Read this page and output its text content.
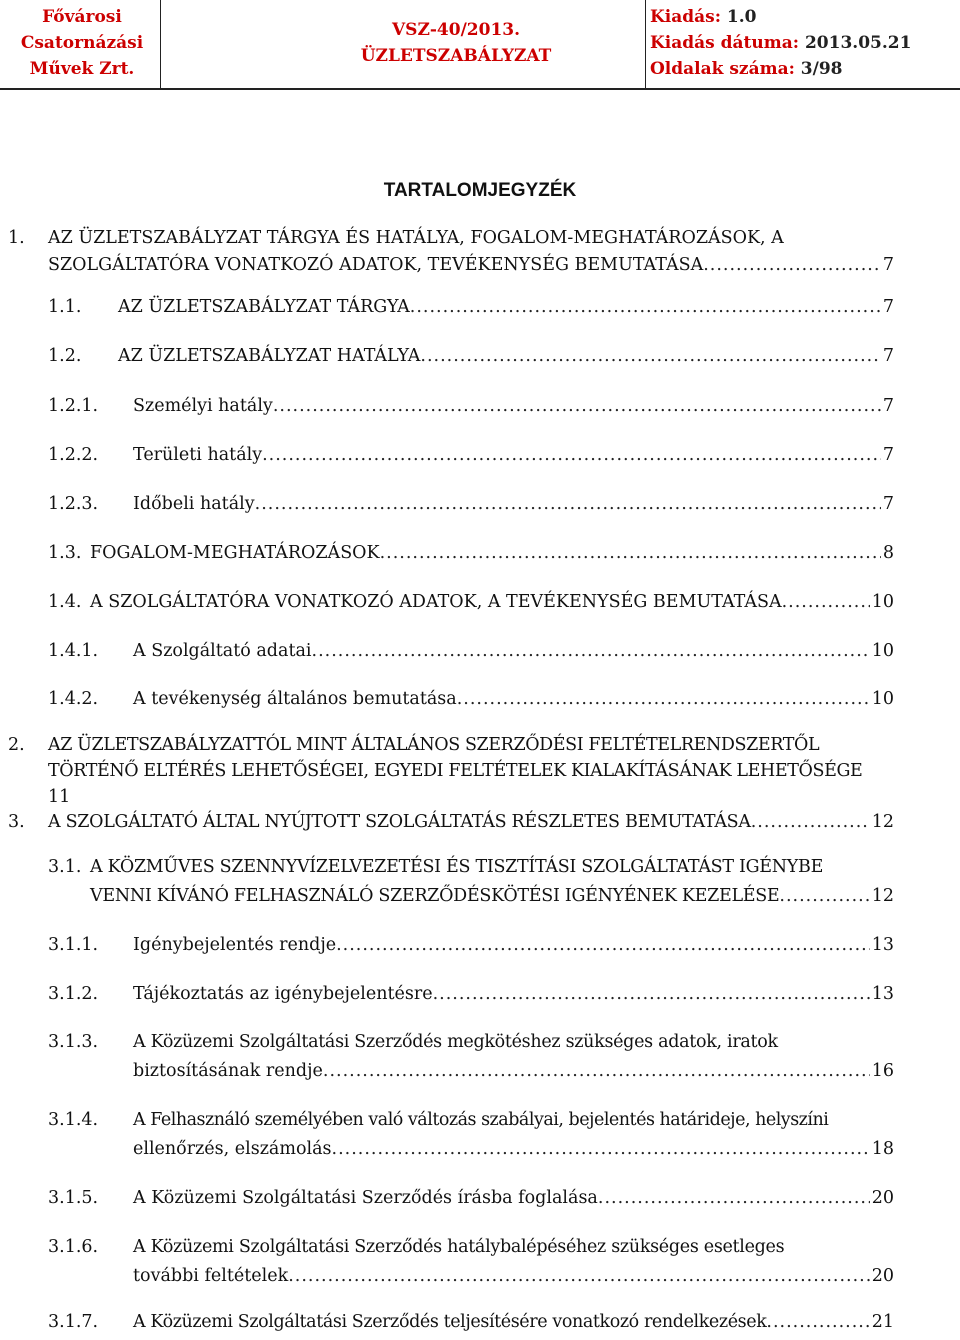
Fővárosi
Csatornázási
Művek Zrt.
VSZ-40/2013.
ÜZLETSZABÁLYZAT
Kiadás: 1.0
Kiadás dátuma: 2013.05.21
Oldalak száma: 3/98
TARTALOMJEGYZÉK
1. AZ ÜZLETSZABÁLYZAT TÁRGYA ÉS HATÁLYA, FOGALOM-MEGHATÁROZÁSOK, A
SZOLGÁLTATÓRA VONATKOZÓ ADATOK, TEVÉKENYSÉG BEMUTATÁSA .....	7
1.1. AZ ÜZLETSZABÁLYZAT TÁRGYA .....	7
1.2. AZ ÜZLETSZABÁLYZAT HATÁLYA .....	7
1.2.1. Személyi hatály .....	7
1.2.2. Területi hatály .....	7
1.2.3. Időbeli hatály .....	7
1.3. FOGALOM-MEGHATÁROZÁSOK .....	8
1.4. A SZOLGÁLTATÓRA VONATKOZÓ ADATOK, A TEVÉKENYSÉG BEMUTATÁSA .....	10
1.4.1. A Szolgáltató adatai .....	10
1.4.2. A tevékenység általános bemutatása .....	10
2. AZ ÜZLETSZABÁLYZATTÓL MINT ÁLTALÁNOS SZERZŐDÉSI FELTÉTELRENDSZERTŐL
TÖRTÉNŐ ELTÉRÉS LEHETŐSÉGEI, EGYEDI FELTÉTELEK KIALAKÍTÁSÁNAK LEHETŐSÉGE
11
3. A SZOLGÁLTATÓ ÁLTAL NYÚJTOTT SZOLGÁLTATÁS RÉSZLETES BEMUTATÁSA .....	12
3.1. A KÖZMŰVES SZENNYVÍZELVEZETÉSI ÉS TISZTÍTÁSI SZOLGÁLTATÁST IGÉNYBE
VENNI KÍVÁNÓ FELHASZNÁLÓ SZERZŐDÉSKÖTÉSI IGÉNYÉNEK KEZELÉSE .....	12
3.1.1. Igénybejelentés rendje .....	13
3.1.2. Tájékoztatás az igénybejelentésre .....	13
3.1.3. A Közüzemi Szolgáltatási Szerződés megkötéshez szükséges adatok, iratok
biztosításának rendje .....	16
3.1.4. A Felhasználó személyében való változás szabályai, bejelentés határideje, helyszíni
ellenőrzés, elszámolás .....	18
3.1.5. A Közüzemi Szolgáltatási Szerződés írásba foglalása .....	20
3.1.6. A Közüzemi Szolgáltatási Szerződés hatálybalépéséhez szükséges esetleges
további feltételek .....	20
3.1.7. A Közüzemi Szolgáltatási Szerződés teljesítésére vonatkozó rendelkezések .....	21
